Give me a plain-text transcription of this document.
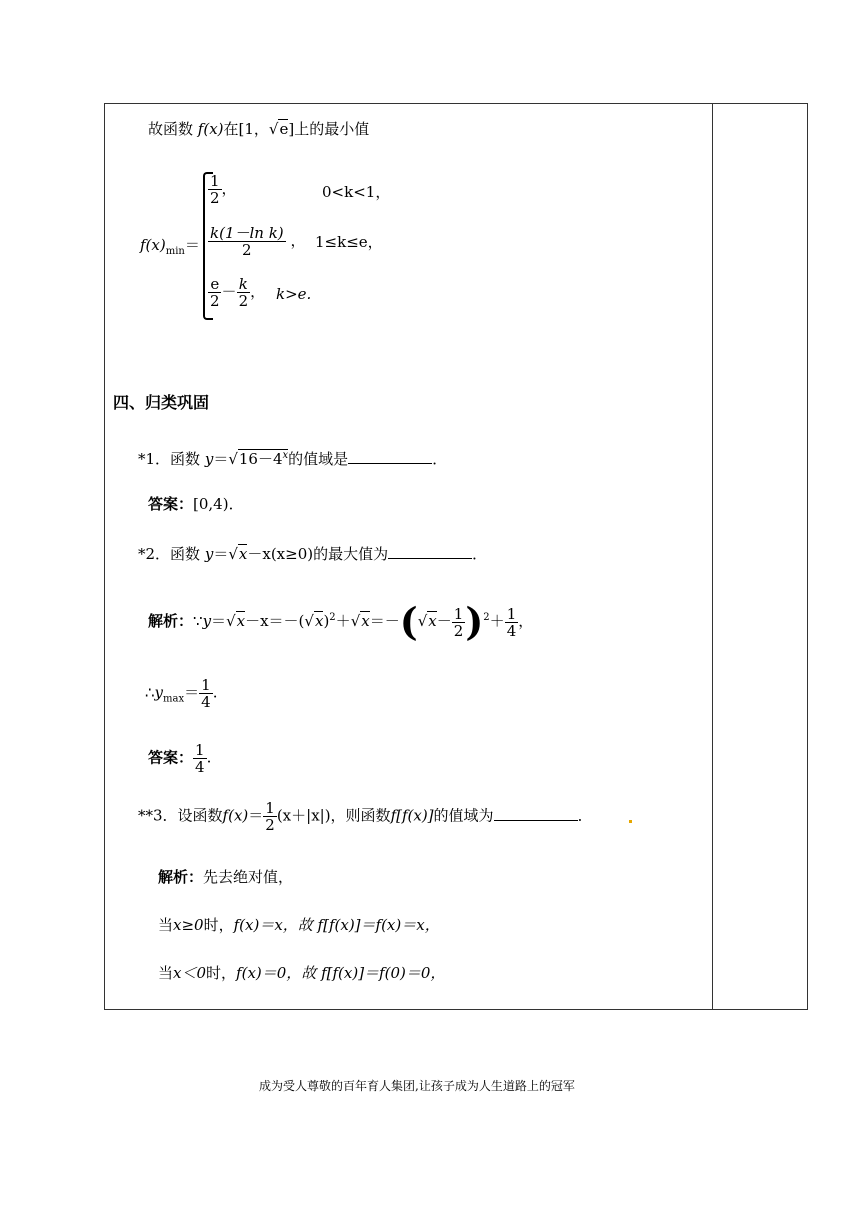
故函数 f(x)在[1，√e]上的最小值
$f(x)_{min}=$
$\frac{1}{2}$ ，	0<k<1，
$\frac{\text{k(1－ln k)}}{2}$ ， 1≤k≤e，
$\frac{e}{2} - \frac{k}{2}$ ， k>e.
四、归类巩固
*1．函数 $y=√16-4^x$的值域是	．
答案：[0,4)．
*2．函数 y＝√x－x(x≥0)的最大值为	．
解析：$\because y=√x-x=-(√x)^2+√x=-(√x- \frac{1}{2} )^2+ \frac{1}{4}$ ，
$\therefore y_{max}= \frac{1}{4}$ .
答案： $\frac{1}{4}$ .
**3．设函数$f(x)= \frac{1}{2} (x+|x|)$，则函数f[f(x)]的值域为	．
解析：先去绝对值，
当x≥0时，f(x)＝x，故 f[f(x)]＝f(x)＝x，
当x＜0时，f(x)＝0，故 f[f(x)]＝f(0)＝0，
成为受人尊敬的百年育人集团,让孩子成为人生道路上的冠军
